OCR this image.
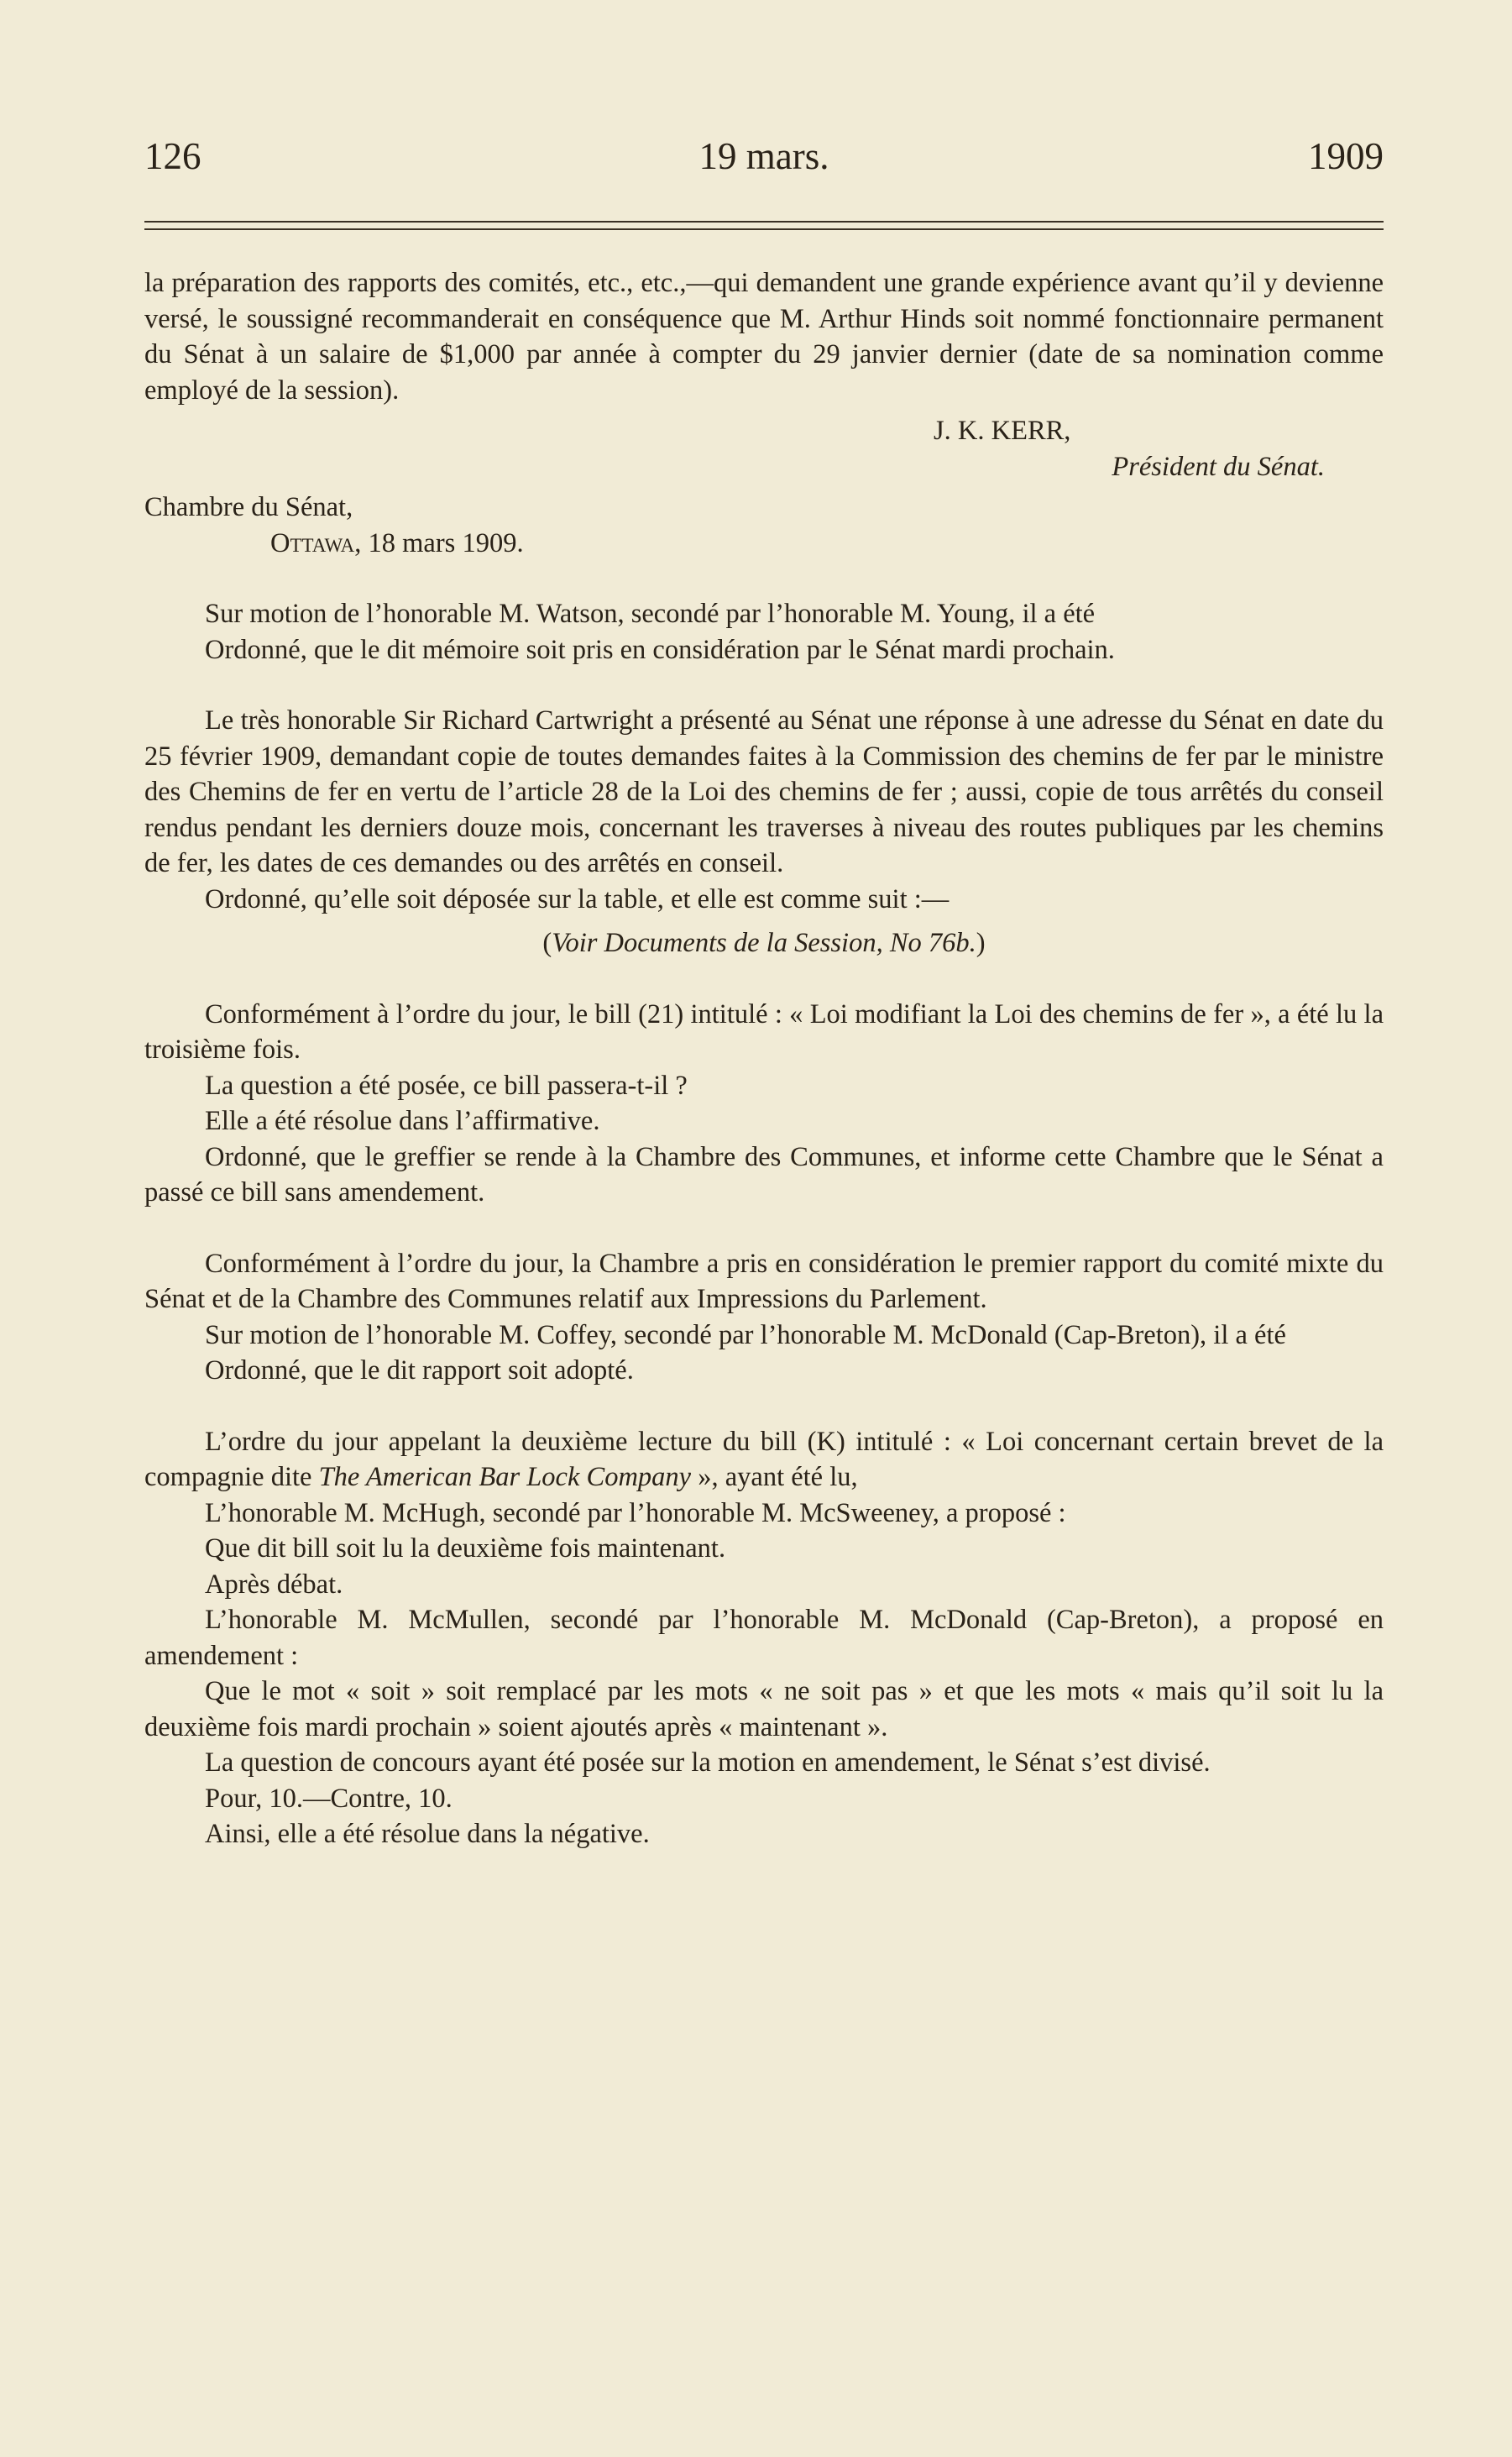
126	19 mars.	1909

la préparation des rapports des comités, etc., etc.,—qui demandent une grande expérience avant qu’il y devienne versé, le soussigné recommanderait en conséquence que M. Arthur Hinds soit nommé fonctionnaire permanent du Sénat à un salaire de $1,000 par année à compter du 29 janvier dernier (date de sa nomination comme employé de la session).

J. K. KERR,

Président du Sénat.

Chambre du Sénat,

Ottawa, 18 mars 1909.

Sur motion de l’honorable M. Watson, secondé par l’honorable M. Young, il a été

Ordonné, que le dit mémoire soit pris en considération par le Sénat mardi prochain.

Le très honorable Sir Richard Cartwright a présenté au Sénat une réponse à une adresse du Sénat en date du 25 février 1909, demandant copie de toutes demandes faites à la Commission des chemins de fer par le ministre des Chemins de fer en vertu de l’article 28 de la Loi des chemins de fer ; aussi, copie de tous arrêtés du conseil rendus pendant les derniers douze mois, concernant les traverses à niveau des routes publiques par les chemins de fer, les dates de ces demandes ou des arrêtés en conseil.

Ordonné, qu’elle soit déposée sur la table, et elle est comme suit :—

(Voir Documents de la Session, No 76b.)

Conformément à l’ordre du jour, le bill (21) intitulé : « Loi modifiant la Loi des chemins de fer », a été lu la troisième fois.

La question a été posée, ce bill passera-t-il ?

Elle a été résolue dans l’affirmative.

Ordonné, que le greffier se rende à la Chambre des Communes, et informe cette Chambre que le Sénat a passé ce bill sans amendement.

Conformément à l’ordre du jour, la Chambre a pris en considération le premier rapport du comité mixte du Sénat et de la Chambre des Communes relatif aux Impressions du Parlement.

Sur motion de l’honorable M. Coffey, secondé par l’honorable M. McDonald (Cap-Breton), il a été

Ordonné, que le dit rapport soit adopté.

L’ordre du jour appelant la deuxième lecture du bill (K) intitulé : « Loi concernant certain brevet de la compagnie dite The American Bar Lock Company », ayant été lu,

L’honorable M. McHugh, secondé par l’honorable M. McSweeney, a proposé :

Que dit bill soit lu la deuxième fois maintenant.

Après débat.

L’honorable M. McMullen, secondé par l’honorable M. McDonald (Cap-Breton), a proposé en amendement :

Que le mot « soit » soit remplacé par les mots « ne soit pas » et que les mots « mais qu’il soit lu la deuxième fois mardi prochain » soient ajoutés après « maintenant ».

La question de concours ayant été posée sur la motion en amendement, le Sénat s’est divisé.

Pour, 10.—Contre, 10.

Ainsi, elle a été résolue dans la négative.
